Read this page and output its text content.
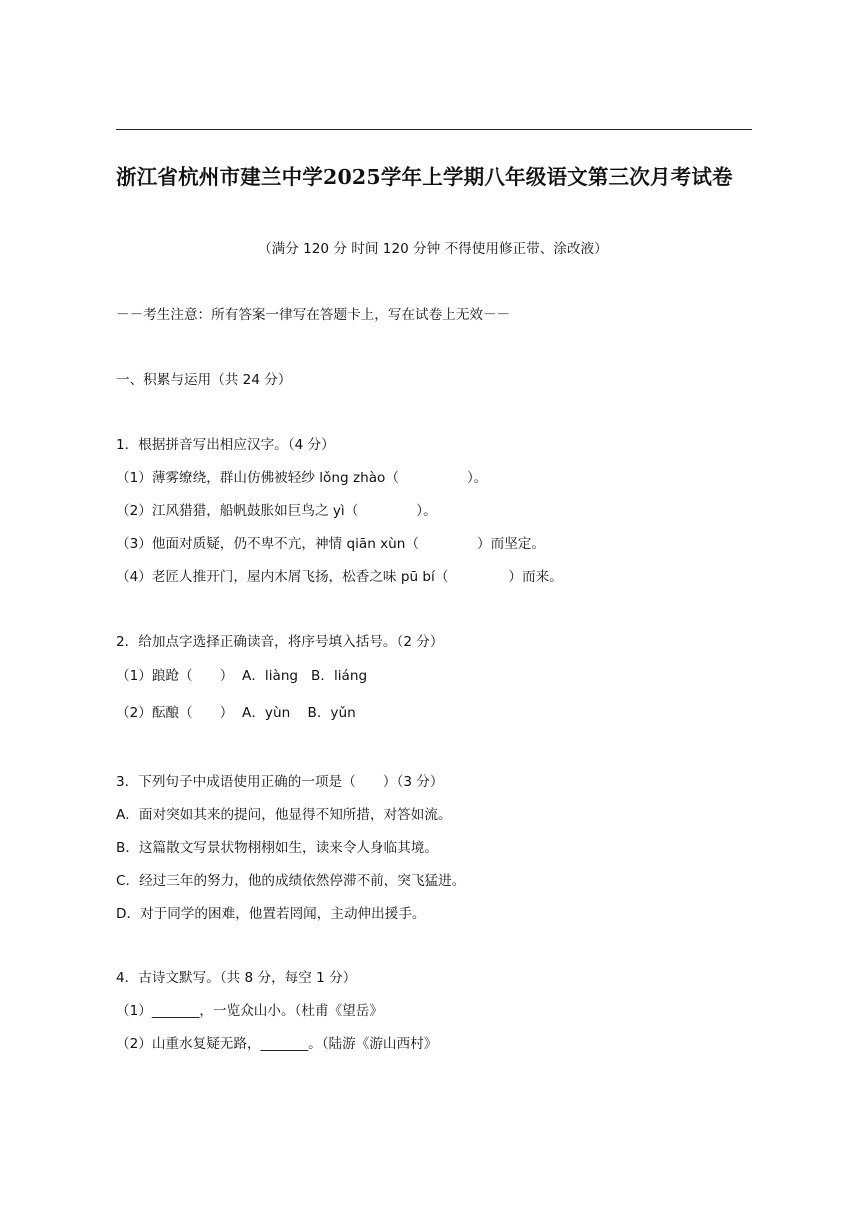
浙江省杭州市建兰中学2025学年上学期八年级语文第三次月考试卷
（满分 120 分 时间 120 分钟 不得使用修正带、涂改液）
－－考生注意：所有答案一律写在答题卡上，写在试卷上无效－－
一、积累与运用（共 24 分）
1．根据拼音写出相应汉字。（4 分）
（1）薄雾缭绕，群山仿佛被轻纱 lǒng zhào（	）。
（2）江风猎猎，船帆鼓胀如巨鸟之 yì（	）。
（3）他面对质疑，仍不卑不亢，神情 qiān xùn（	）而坚定。
（4）老匠人推开门，屋内木屑飞扬，松香之味 pū bí（	）而来。
2．给加点字选择正确读音，将序号填入括号。（2 分）
（1）踉跄（　　）  A．liàng   B．liáng
（2）酝酿（　　）  A．yùn    B．yǔn
3．下列句子中成语使用正确的一项是（　　）（3 分）
A．面对突如其来的提问，他显得不知所措，对答如流。
B．这篇散文写景状物栩栩如生，读来令人身临其境。
C．经过三年的努力，他的成绩依然停滞不前，突飞猛进。
D．对于同学的困难，他置若罔闻，主动伸出援手。
4．古诗文默写。（共 8 分，每空 1 分）
（1）_______，一览众山小。（杜甫《望岳》
（2）山重水复疑无路，_______。（陆游《游山西村》
